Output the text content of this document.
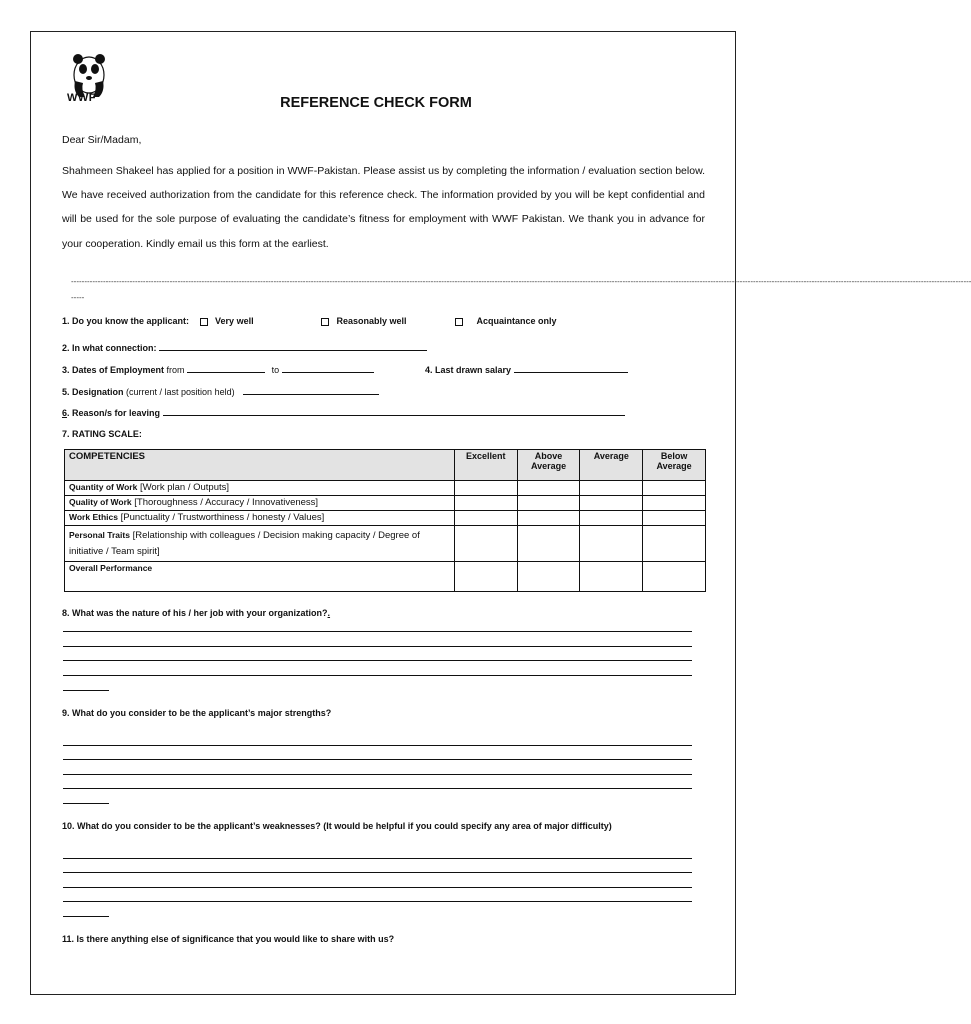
WWF	REFERENCE CHECK FORM
Dear Sir/Madam,
Shahmeen Shakeel has applied for a position in WWF-Pakistan. Please assist us by completing the information / evaluation section below. We have received authorization from the candidate for this reference check. The information provided by you will be kept confidential and will be used for the sole purpose of evaluating the candidate’s fitness for employment with WWF Pakistan. We thank you in advance for your cooperation. Kindly email us this form at the earliest.
--------------------------------------------------------------------------------------------------------------------------------------------------------------------------------------------------------------------------------------------------------------------------------------------------------------------------------------------------
-----
1. Do you know the applicant:	Very well	Reasonably well	Acquaintance only
2. In what connection:
3. Dates of Employment from	to	4. Last drawn salary
5. Designation (current / last position held)
6. Reason/s for leaving
7. RATING SCALE:
COMPETENCIES	Excellent	Above Average	Average	Below Average
Quantity of Work [Work plan / Outputs]				
Quality of Work [Thoroughness / Accuracy / Innovativeness]				
Work Ethics [Punctuality / Trustworthiness / honesty / Values]				
Personal Traits [Relationship with colleagues / Decision making capacity / Degree of initiative / Team spirit]				
Overall Performance				
8. What was the nature of his / her job with your organization?.
9. What do you consider to be the applicant’s major strengths?
10. What do you consider to be the applicant’s weaknesses? (It would be helpful if you could specify any area of major difficulty)
11. Is there anything else of significance that you would like to share with us?
